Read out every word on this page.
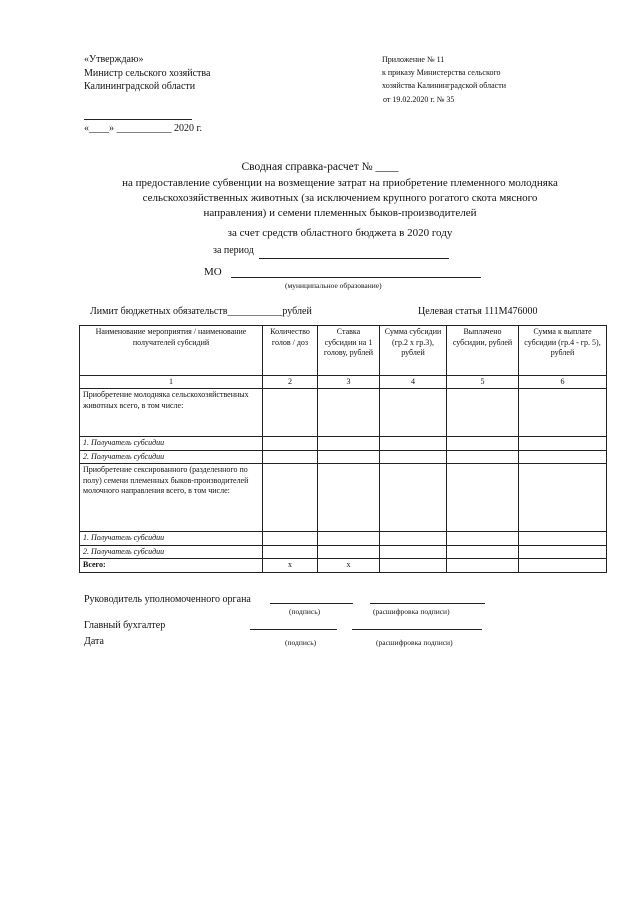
«Утверждаю»
Министр сельского хозяйства
Калининградской области
«____» ___________ 2020 г.
Приложение № 11
к приказу Министерства сельского
хозяйства Калининградской области
от 19.02.2020 г. № 35
Сводная справка-расчет № ____
на предоставление субвенции на возмещение затрат на приобретение племенного молодняка
сельскохозяйственных животных (за исключением крупного рогатого скота мясного
направления) и семени племенных быков-производителей
за счет средств областного бюджета в 2020 году
за период
МО
(муниципальное образование)
Лимит бюджетных обязательств___________рублей	Целевая статья 111М476000
Наименование мероприятия / наименование получателей субсидий	Количество голов / доз	Ставка субсидии на 1 голову, рублей	Сумма субсидии (гр.2 x гр.3), рублей	Выплачено субсидии, рублей	Сумма к выплате субсидии (гр.4 - гр. 5), рублей
1	2	3	4	5	6
Приобретение молодняка сельскохозяйственных животных всего, в том числе:					
1. Получатель субсидии					
2. Получатель субсидии					
Приобретение сексированного (разделенного по полу) семени племенных быков-производителей молочного направления всего, в том числе:					
1. Получатель субсидии					
2. Получатель субсидии					
Всего:	х	х			
Руководитель уполномоченного органа
(подпись)	(расшифровка подписи)
Главный бухгалтер
Дата	(подпись)	(расшифровка подписи)
